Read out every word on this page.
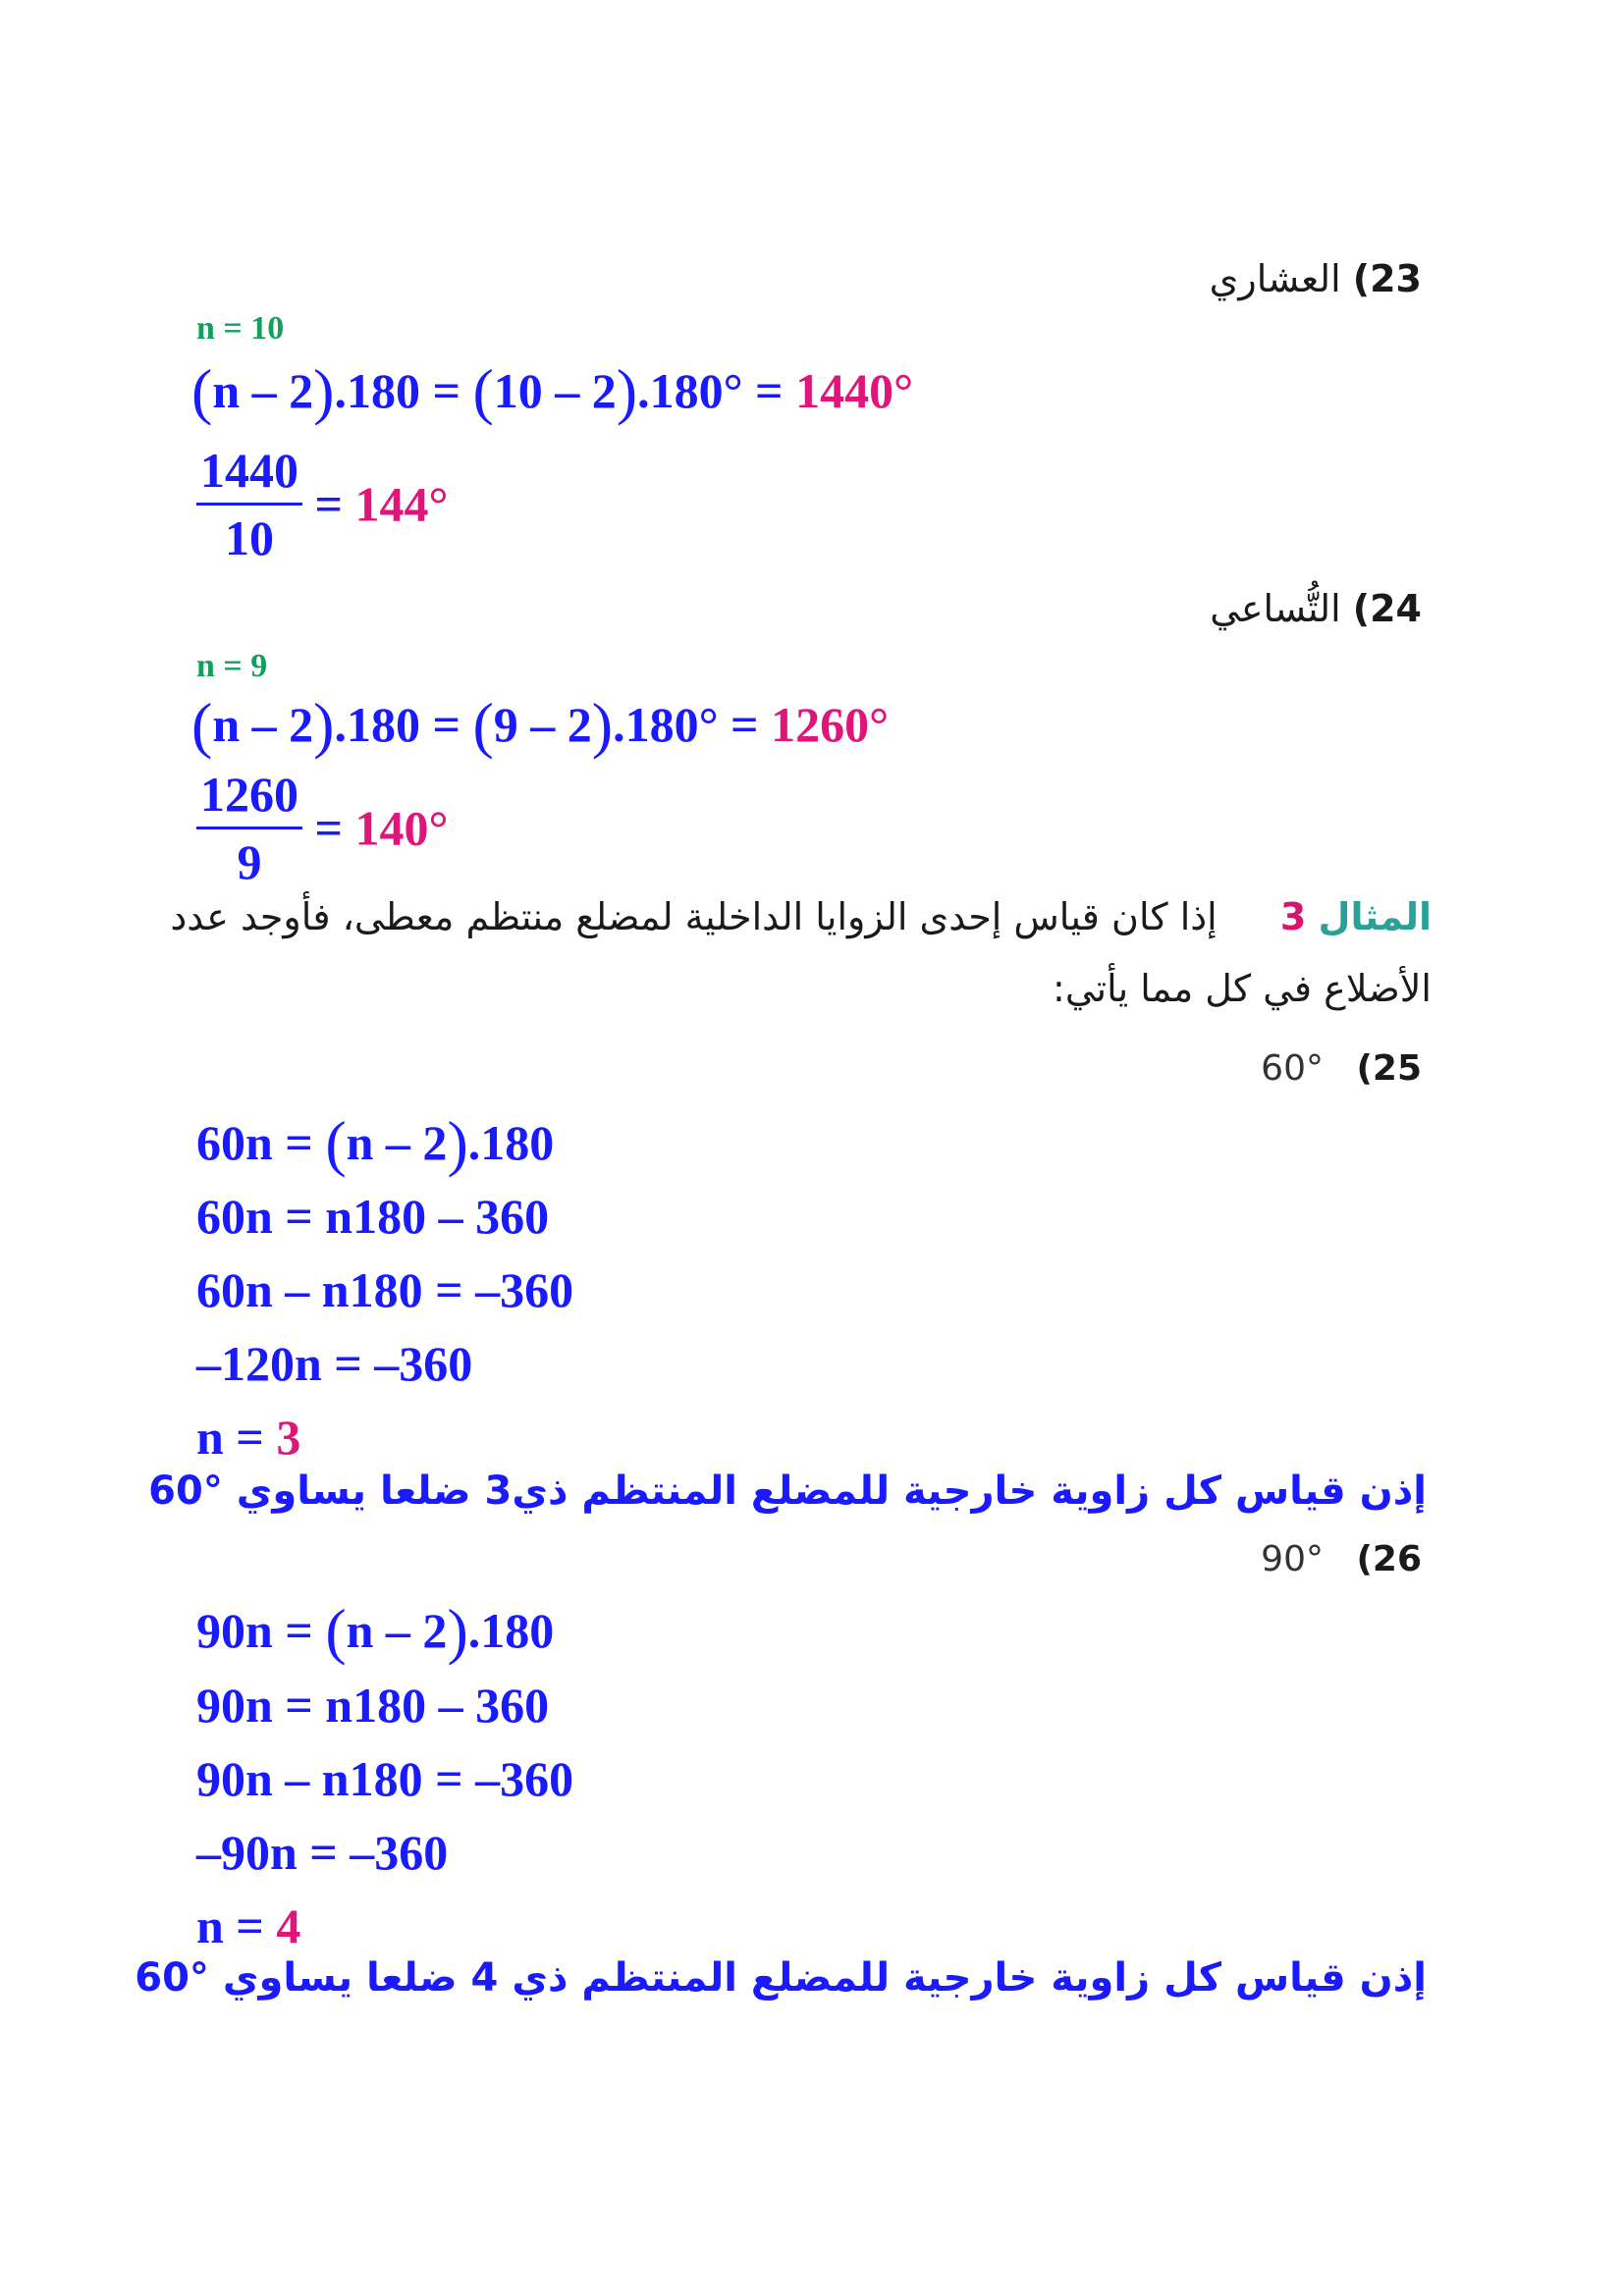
23) العشاري
n = 10
(n – 2).180 = (10 – 2).180° = 1440°
$\frac{1440}{10} = 144^\circ$
24) التُّساعي
n = 9
(n – 2).180 = (9 – 2).180° = 1260°
$\frac{1260}{9} = 140^\circ$
المثال 3  إذا كان قياس إحدى الزوايا الداخلية لمضلع منتظم معطى، فأوجد عدد
الأضلاع في كل مما يأتي:
60° (25
60n = (n – 2).180
60n = n180 – 360
60n – n180 = –360
–120n = –360
n = 3
إذن قياس كل زاوية خارجية للمضلع المنتظم ذي3 ضلعا يساوي °60
90° (26
90n = (n – 2).180
90n = n180 – 360
90n – n180 = –360
–90n = –360
n = 4
إذن قياس كل زاوية خارجية للمضلع المنتظم ذي 4 ضلعا يساوي °60
